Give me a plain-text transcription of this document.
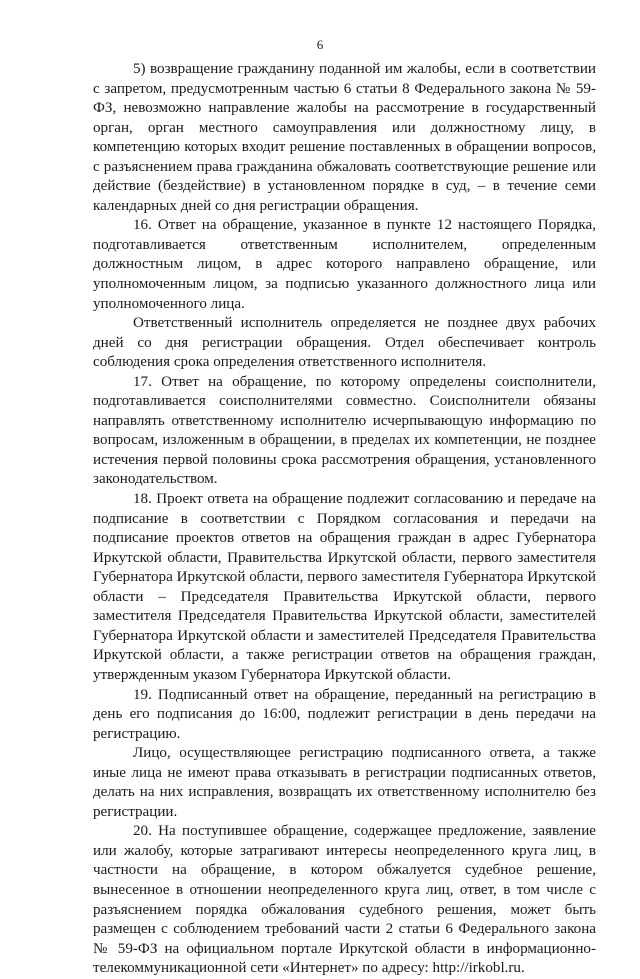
6

5) возвращение гражданину поданной им жалобы, если в соответствии с запретом, предусмотренным частью 6 статьи 8 Федерального закона № 59-ФЗ, невозможно направление жалобы на рассмотрение в государственный орган, орган местного самоуправления или должностному лицу, в компетенцию которых входит решение поставленных в обращении вопросов, с разъяснением права гражданина обжаловать соответствующие решение или действие (бездействие) в установленном порядке в суд, – в течение семи календарных дней со дня регистрации обращения.

16. Ответ на обращение, указанное в пункте 12 настоящего Порядка, подготавливается ответственным исполнителем, определенным должностным лицом, в адрес которого направлено обращение, или уполномоченным лицом, за подписью указанного должностного лица или уполномоченного лица.

Ответственный исполнитель определяется не позднее двух рабочих дней со дня регистрации обращения. Отдел обеспечивает контроль соблюдения срока определения ответственного исполнителя.

17. Ответ на обращение, по которому определены соисполнители, подготавливается соисполнителями совместно. Соисполнители обязаны направлять ответственному исполнителю исчерпывающую информацию по вопросам, изложенным в обращении, в пределах их компетенции, не позднее истечения первой половины срока рассмотрения обращения, установленного законодательством.

18. Проект ответа на обращение подлежит согласованию и передаче на подписание в соответствии с Порядком согласования и передачи на подписание проектов ответов на обращения граждан в адрес Губернатора Иркутской области, Правительства Иркутской области, первого заместителя Губернатора Иркутской области, первого заместителя Губернатора Иркутской области – Председателя Правительства Иркутской области, первого заместителя Председателя Правительства Иркутской области, заместителей Губернатора Иркутской области и заместителей Председателя Правительства Иркутской области, а также регистрации ответов на обращения граждан, утвержденным указом Губернатора Иркутской области.

19. Подписанный ответ на обращение, переданный на регистрацию в день его подписания до 16:00, подлежит регистрации в день передачи на регистрацию.

Лицо, осуществляющее регистрацию подписанного ответа, а также иные лица не имеют права отказывать в регистрации подписанных ответов, делать на них исправления, возвращать их ответственному исполнителю без регистрации.

20. На поступившее обращение, содержащее предложение, заявление или жалобу, которые затрагивают интересы неопределенного круга лиц, в частности на обращение, в котором обжалуется судебное решение, вынесенное в отношении неопределенного круга лиц, ответ, в том числе с разъяснением порядка обжалования судебного решения, может быть размещен с соблюдением требований части 2 статьи 6 Федерального закона № 59-ФЗ на официальном портале Иркутской области в информационно-телекоммуникационной сети «Интернет» по адресу: http://irkobl.ru.
